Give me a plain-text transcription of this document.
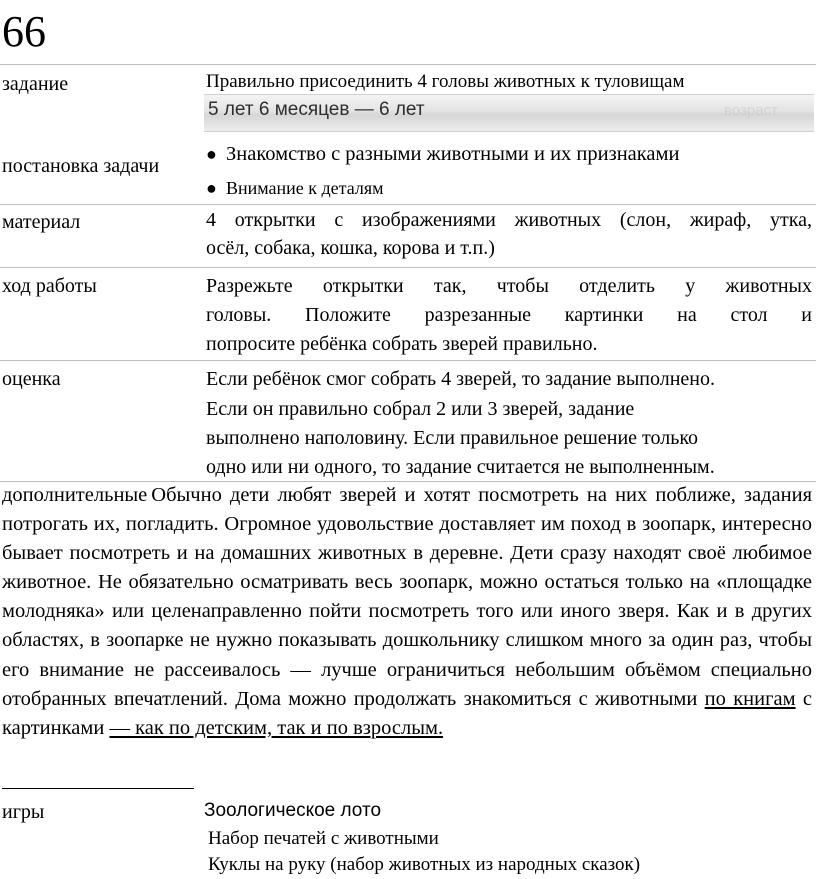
66
задание	Правильно присоединить 4 головы животных к туловищам
5 лет 6 месяцев — 6 лет	возраст
постановка задачи
● Знакомство с разными животными и их признаками
● Внимание к деталям
материал	4 открытки с изображениями животных (слон, жираф, утка,
осёл, собака, кошка, корова и т.п.)
ход работы	Разрежьте открытки так, чтобы отделить у животных
головы. Положите разрезанные картинки на стол и
попросите ребёнка собрать зверей правильно.
оценка	Если ребёнок смог собрать 4 зверей, то задание выполнено.
Если он правильно собрал 2 или 3 зверей, задание
выполнено наполовину. Если правильное решение только
одно или ни одного, то задание считается не выполненным.
дополнительные Обычно дети любят зверей и хотят посмотреть на них поближе, задания потрогать их, погладить. Огромное удовольствие доставляет им поход в зоопарк, интересно бывает посмотреть и на домашних животных в деревне. Дети сразу находят своё любимое животное. Не обязательно осматривать весь зоопарк, можно остаться только на «площадке молодняка» или целенаправленно пойти посмотреть того или иного зверя. Как и в других областях, в зоопарке не нужно показывать дошкольнику слишком много за один раз, чтобы его внимание не рассеивалось — лучше ограничиться небольшим объёмом специально отобранных впечатлений. Дома можно продолжать знакомиться с животными по книгам с картинками — как по детским, так и по взрослым.
игры	Зоологическое лото
Набор печатей с животными
Куклы на руку (набор животных из народных сказок)
